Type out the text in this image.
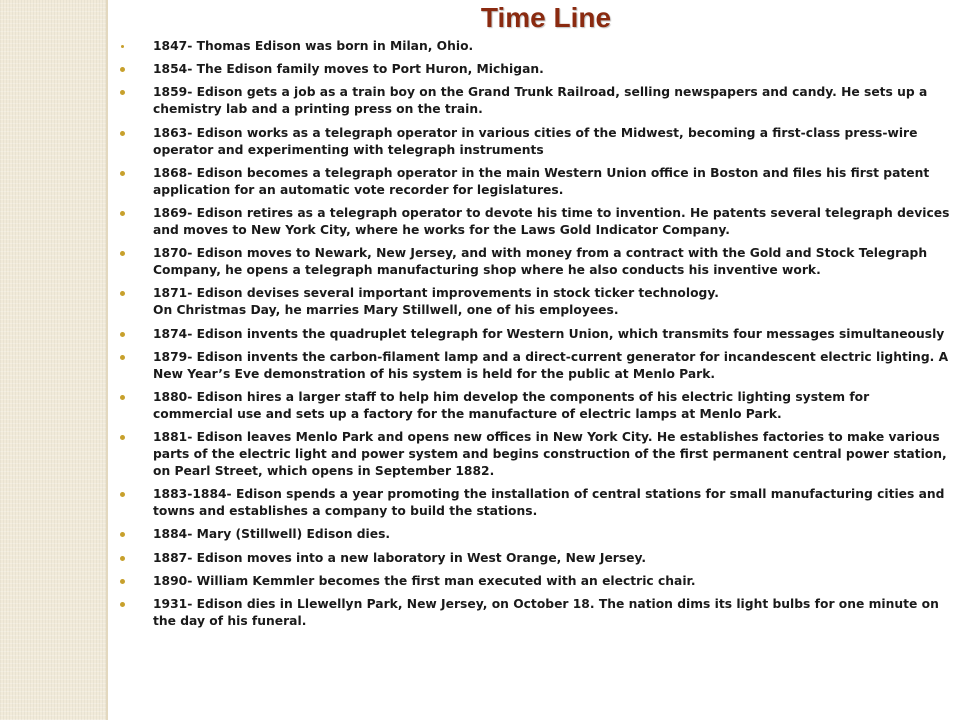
Time Line
1847- Thomas Edison was born in Milan, Ohio.
1854- The Edison family moves to Port Huron, Michigan.
1859- Edison gets a job as a train boy on the Grand Trunk Railroad, selling newspapers and candy. He sets up a chemistry lab and a printing press on the train.
1863- Edison works as a telegraph operator in various cities of the Midwest, becoming a first-class press-wire operator and experimenting with telegraph instruments
1868- Edison becomes a telegraph operator in the main Western Union office in Boston and files his first patent application for an automatic vote recorder for legislatures.
1869- Edison retires as a telegraph operator to devote his time to invention. He patents several telegraph devices and moves to New York City, where he works for the Laws Gold Indicator Company.
1870- Edison moves to Newark, New Jersey, and with money from a contract with the Gold and Stock Telegraph Company, he opens a telegraph manufacturing shop where he also conducts his inventive work.
1871- Edison devises several important improvements in stock ticker technology.
On Christmas Day, he marries Mary Stillwell, one of his employees.
1874- Edison invents the quadruplet telegraph for Western Union, which transmits four messages simultaneously
1879- Edison invents the carbon-filament lamp and a direct-current generator for incandescent electric lighting. A New Year’s Eve demonstration of his system is held for the public at Menlo Park.
1880- Edison hires a larger staff to help him develop the components of his electric lighting system for commercial use and sets up a factory for the manufacture of electric lamps at Menlo Park.
1881- Edison leaves Menlo Park and opens new offices in New York City. He establishes factories to make various parts of the electric light and power system and begins construction of the first permanent central power station, on Pearl Street, which opens in September 1882.
1883-1884- Edison spends a year promoting the installation of central stations for small manufacturing cities and towns and establishes a company to build the stations.
1884- Mary (Stillwell) Edison dies.
1887- Edison moves into a new laboratory in West Orange, New Jersey.
1890- William Kemmler becomes the first man executed with an electric chair.
1931- Edison dies in Llewellyn Park, New Jersey, on October 18. The nation dims its light bulbs for one minute on the day of his funeral.
